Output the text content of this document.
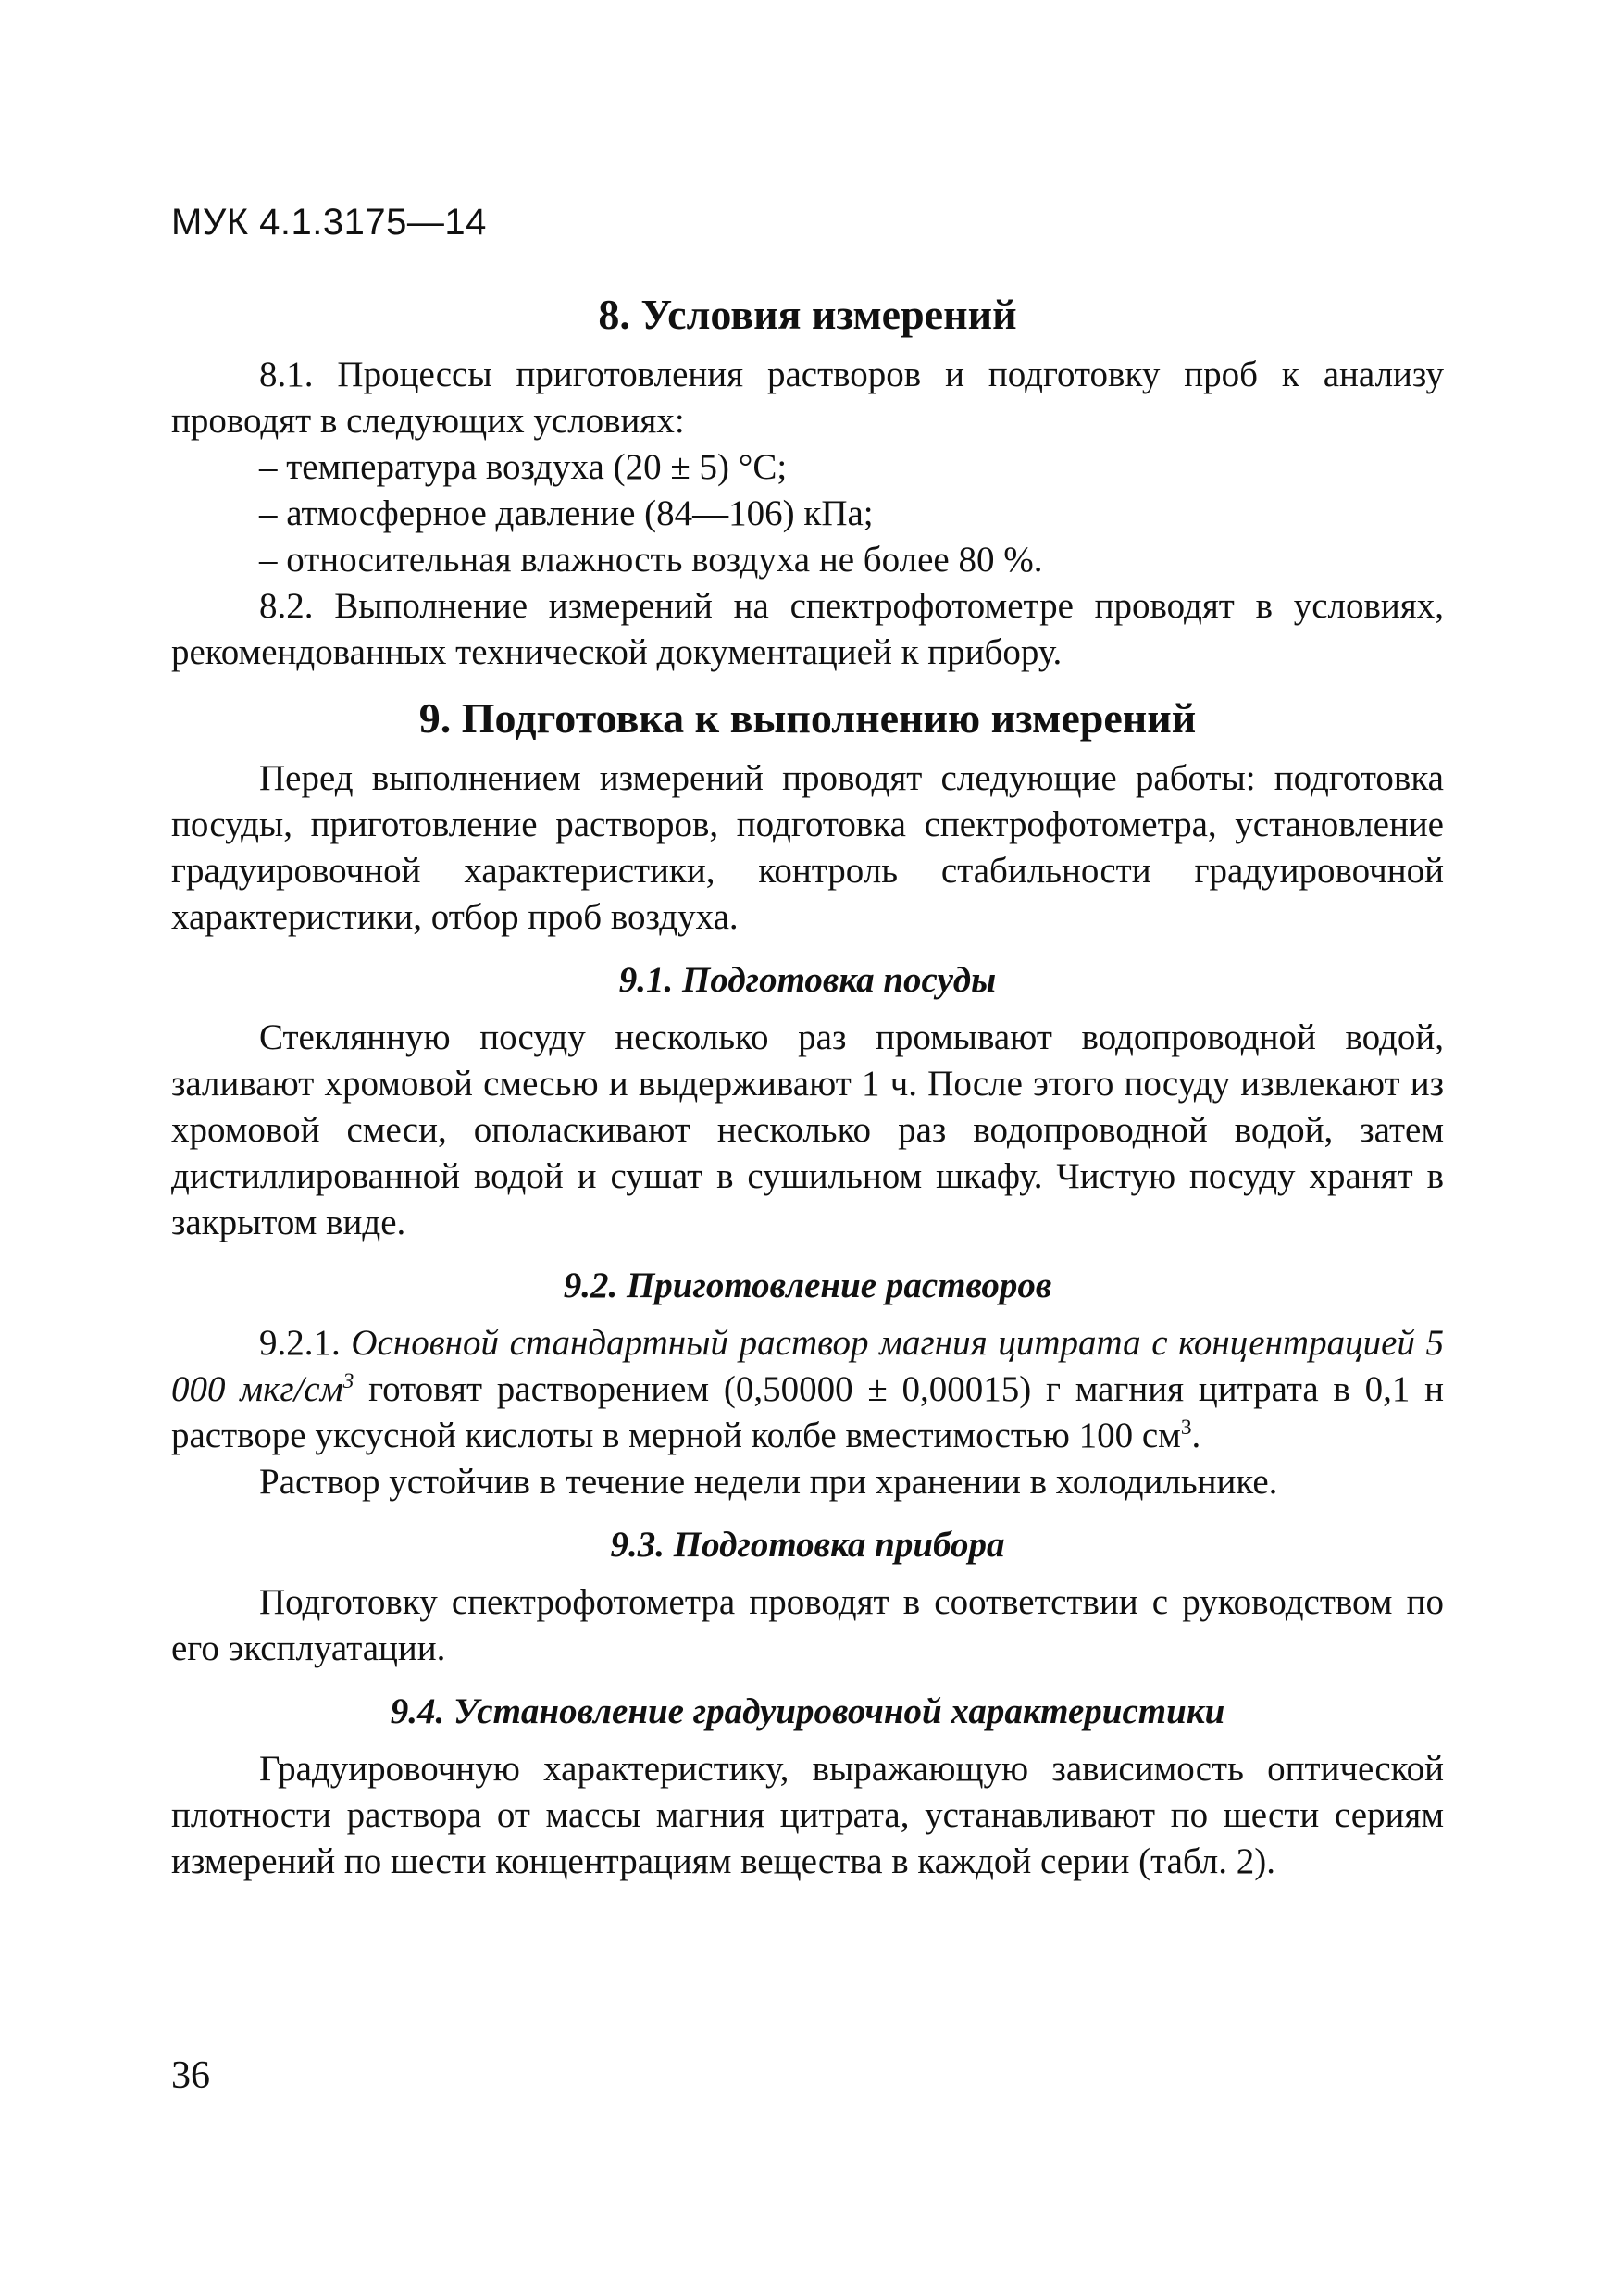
МУК 4.1.3175—14
8. Условия измерений

8.1. Процессы приготовления растворов и подготовку проб к анализу проводят в следующих условиях:

– температура воздуха (20 ± 5) °С;

– атмосферное давление (84—106) кПа;

– относительная влажность воздуха не более 80 %.

8.2. Выполнение измерений на спектрофотометре проводят в условиях, рекомендованных технической документацией к прибору.

9. Подготовка к выполнению измерений

Перед выполнением измерений проводят следующие работы: подготовка посуды, приготовление растворов, подготовка спектрофотометра, установление градуировочной характеристики, контроль стабильности градуировочной характеристики, отбор проб воздуха.

9.1. Подготовка посуды

Стеклянную посуду несколько раз промывают водопроводной водой, заливают хромовой смесью и выдерживают 1 ч. После этого посуду извлекают из хромовой смеси, ополаскивают несколько раз водопроводной водой, затем дистиллированной водой и сушат в сушильном шкафу. Чистую посуду хранят в закрытом виде.

9.2. Приготовление растворов

9.2.1. Основной стандартный раствор магния цитрата с концентрацией 5 000 мкг/$см^3$ готовят растворением (0,50000 ± 0,00015) г магния цитрата в 0,1 н растворе уксусной кислоты в мерной колбе вместимостью 100 $см^3$.

Раствор устойчив в течение недели при хранении в холодильнике.

9.3. Подготовка прибора

Подготовку спектрофотометра проводят в соответствии с руководством по его эксплуатации.

9.4. Установление градуировочной характеристики

Градуировочную характеристику, выражающую зависимость оптической плотности раствора от массы магния цитрата, устанавливают по шести сериям измерений по шести концентрациям вещества в каждой серии (табл. 2).

36
